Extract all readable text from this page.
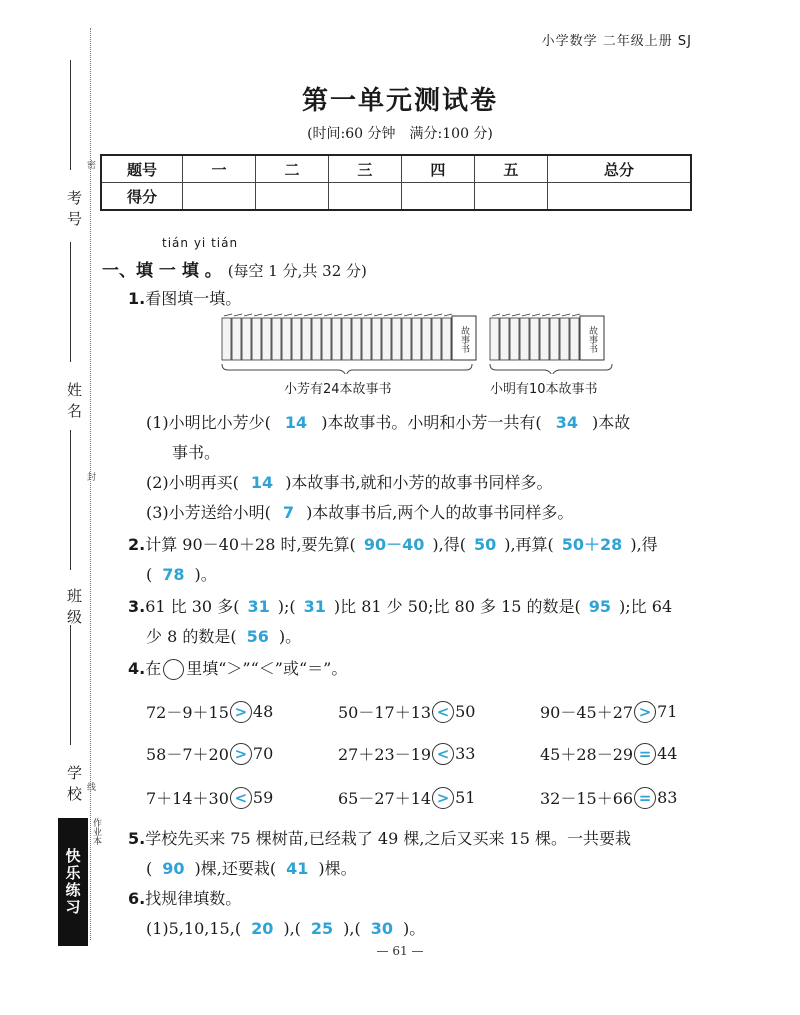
密
封
线
考号
姓名
班级
学校
快乐练习
作业本
小学数学 二年级上册 SJ
第一单元测试卷
(时间:60 分钟　满分:100 分)
题号	一	二	三	四	五	总分
得分						
tián yi tián
一、填 一 填 。 (每空 1 分,共 32 分)
1.看图填一填。
故事书	故事书
小芳有24本故事书	小明有10本故事书
(1)小明比小芳少( 14 )本故事书。小明和小芳一共有( 34 )本故
事书。
(2)小明再买( 14 )本故事书,就和小芳的故事书同样多。
(3)小芳送给小明( 7 )本故事书后,两个人的故事书同样多。
2.计算 90－40＋28 时,要先算( 90－40 ),得( 50 ),再算( 50＋28 ),得
( 78 )。
3.61 比 30 多( 31 );( 31 )比 81 少 50;比 80 多 15 的数是( 95 );比 64
少 8 的数是( 56 )。
4.在 里填“＞”“＜”或“＝”。
72－9＋15 > 48	50－17＋13 < 50	90－45＋27 > 71
58－7＋20 > 70	27＋23－19 < 33	45＋28－29 = 44
7＋14＋30 < 59	65－27＋14 > 51	32－15＋66 = 83
5.学校先买来 75 棵树苗,已经栽了 49 棵,之后又买来 15 棵。一共要栽
( 90 )棵,还要栽( 41 )棵。
6.找规律填数。
(1)5,10,15,( 20 ),( 25 ),( 30 )。
— 61 —
